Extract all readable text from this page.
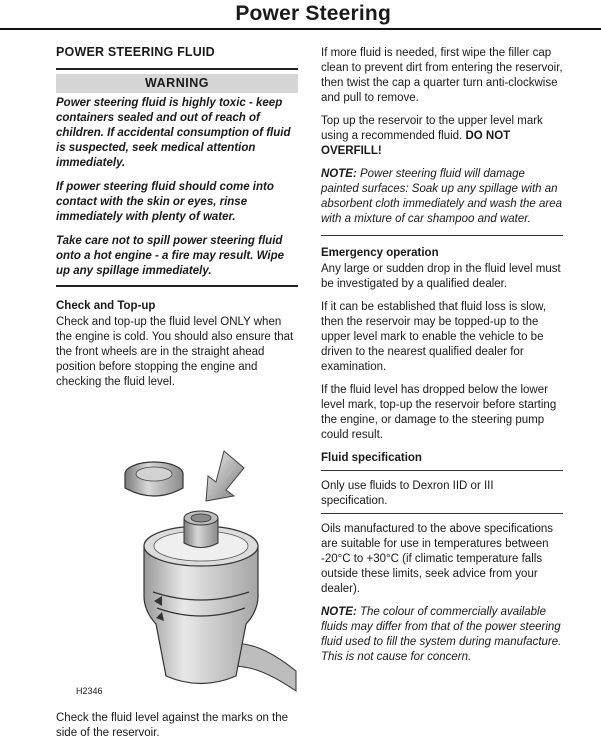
Power Steering
POWER STEERING FLUID
WARNING

Power steering fluid is highly toxic - keep containers sealed and out of reach of children. If accidental consumption of fluid is suspected, seek medical attention immediately.

If power steering fluid should come into contact with the skin or eyes, rinse immediately with plenty of water.

Take care not to spill power steering fluid onto a hot engine - a fire may result. Wipe up any spillage immediately.

Check and Top-up

Check and top-up the fluid level ONLY when the engine is cold. You should also ensure that the front wheels are in the straight ahead position before stopping the engine and checking the fluid level.

H2346
Check the fluid level against the marks on the side of the reservoir.

If more fluid is needed, first wipe the filler cap clean to prevent dirt from entering the reservoir, then twist the cap a quarter turn anti-clockwise and pull to remove.

Top up the reservoir to the upper level mark using a recommended fluid. DO NOT OVERFILL!

NOTE: Power steering fluid will damage painted surfaces: Soak up any spillage with an absorbent cloth immediately and wash the area with a mixture of car shampoo and water.

Emergency operation

Any large or sudden drop in the fluid level must be investigated by a qualified dealer.

If it can be established that fluid loss is slow, then the reservoir may be topped-up to the upper level mark to enable the vehicle to be driven to the nearest qualified dealer for examination.

If the fluid level has dropped below the lower level mark, top-up the reservoir before starting the engine, or damage to the steering pump could result.

Fluid specification
Only use fluids to Dexron IID or III specification.

Oils manufactured to the above specifications are suitable for use in temperatures between -20°C to +30°C (if climatic temperature falls outside these limits, seek advice from your dealer).

NOTE: The colour of commercially available fluids may differ from that of the power steering fluid used to fill the system during manufacture. This is not cause for concern.
